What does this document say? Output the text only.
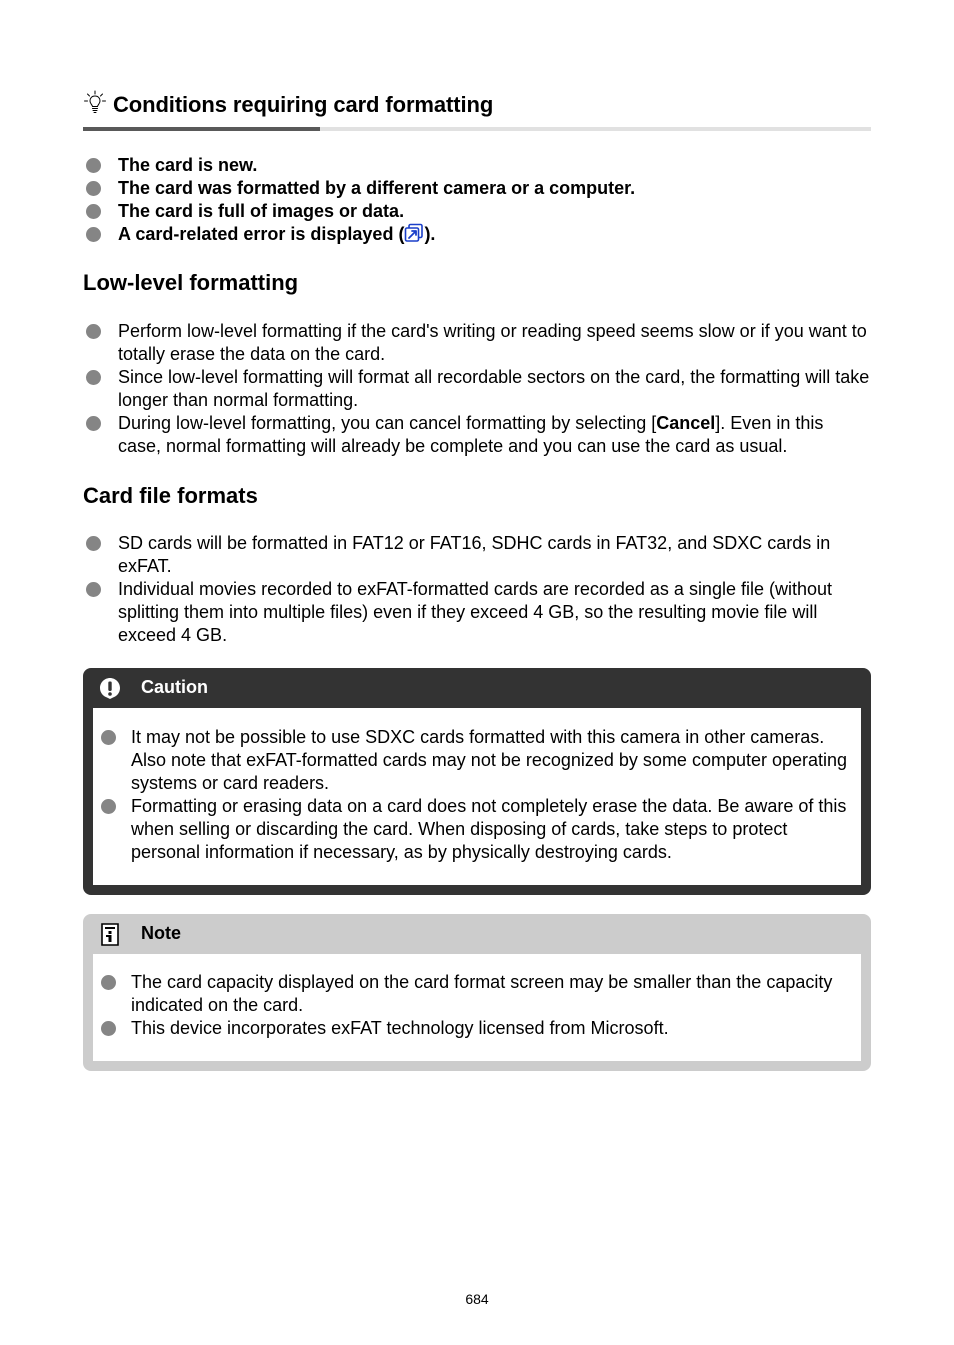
Conditions requiring card formatting
The card is new.
The card was formatted by a different camera or a computer.
The card is full of images or data.
A card-related error is displayed ( ).
Low-level formatting
Perform low-level formatting if the card's writing or reading speed seems slow or if you want to totally erase the data on the card.
Since low-level formatting will format all recordable sectors on the card, the formatting will take longer than normal formatting.
During low-level formatting, you can cancel formatting by selecting [Cancel]. Even in this case, normal formatting will already be complete and you can use the card as usual.
Card file formats
SD cards will be formatted in FAT12 or FAT16, SDHC cards in FAT32, and SDXC cards in exFAT.
Individual movies recorded to exFAT-formatted cards are recorded as a single file (without splitting them into multiple files) even if they exceed 4 GB, so the resulting movie file will exceed 4 GB.
Caution
It may not be possible to use SDXC cards formatted with this camera in other cameras. Also note that exFAT-formatted cards may not be recognized by some computer operating systems or card readers.
Formatting or erasing data on a card does not completely erase the data. Be aware of this when selling or discarding the card. When disposing of cards, take steps to protect personal information if necessary, as by physically destroying cards.
Note
The card capacity displayed on the card format screen may be smaller than the capacity indicated on the card.
This device incorporates exFAT technology licensed from Microsoft.
684
